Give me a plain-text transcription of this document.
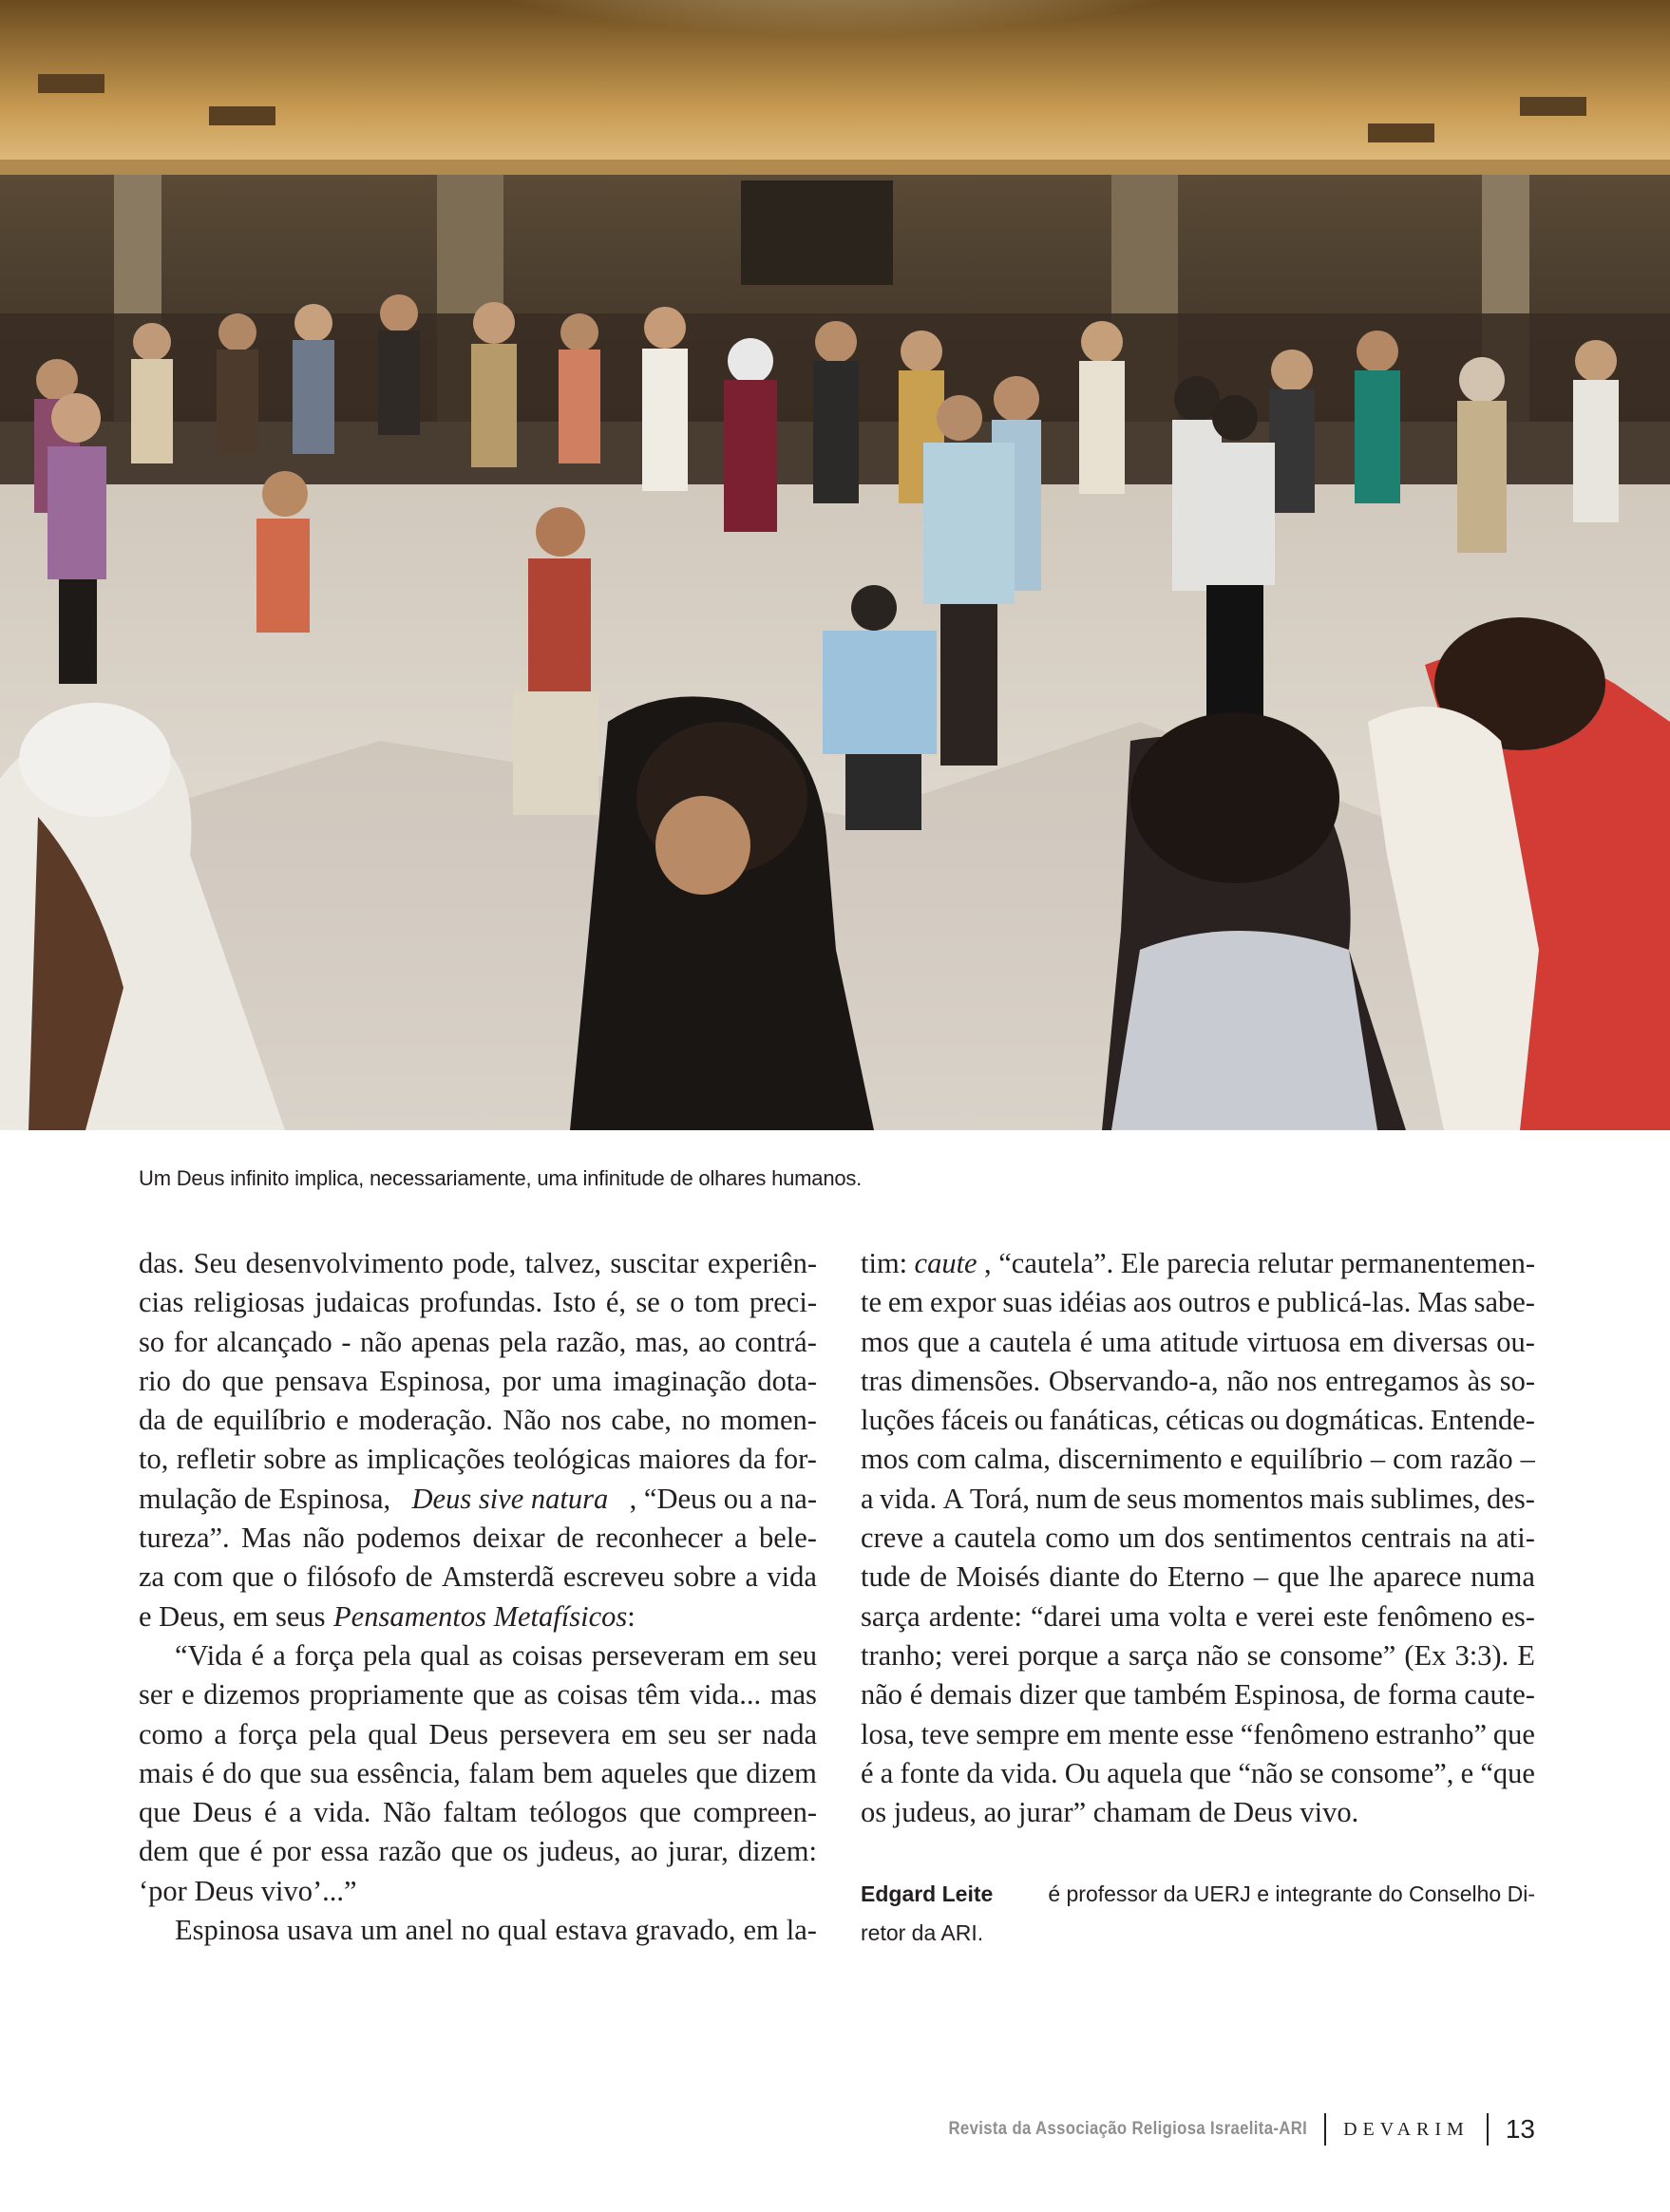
Um Deus infinito implica, necessariamente, uma infinitude de olhares humanos.
das. Seu desenvolvimento pode, talvez, suscitar experiên-
cias religiosas judaicas profundas. Isto é, se o tom preci-
so for alcançado - não apenas pela razão, mas, ao contrá-
rio do que pensava Espinosa, por uma imaginação dota-
da de equilíbrio e moderação. Não nos cabe, no momen-
to, refletir sobre as implicações teológicas maiores da for-
mulação de Espinosa, Deus sive natura , “Deus ou a na-
tureza”. Mas não podemos deixar de reconhecer a bele-
za com que o filósofo de Amsterdã escreveu sobre a vida
e Deus, em seus Pensamentos Metafísicos :
“Vida é a força pela qual as coisas perseveram em seu
ser e dizemos propriamente que as coisas têm vida... mas
como a força pela qual Deus persevera em seu ser nada
mais é do que sua essência, falam bem aqueles que dizem
que Deus é a vida. Não faltam teólogos que compreen-
dem que é por essa razão que os judeus, ao jurar, dizem:
‘por Deus vivo’...”
Espinosa usava um anel no qual estava gravado, em la-
tim: caute , “cautela”. Ele parecia relutar permanentemen-
te em expor suas idéias aos outros e publicá-las. Mas sabe-
mos que a cautela é uma atitude virtuosa em diversas ou-
tras dimensões. Observando-a, não nos entregamos às so-
luções fáceis ou fanáticas, céticas ou dogmáticas. Entende-
mos com calma, discernimento e equilíbrio – com razão –
a vida. A Torá, num de seus momentos mais sublimes, des-
creve a cautela como um dos sentimentos centrais na ati-
tude de Moisés diante do Eterno – que lhe aparece numa
sarça ardente: “darei uma volta e verei este fenômeno es-
tranho; verei porque a sarça não se consome” (Ex 3:3). E
não é demais dizer que também Espinosa, de forma caute-
losa, teve sempre em mente esse “fenômeno estranho” que
é a fonte da vida. Ou aquela que “não se consome”, e “que
os judeus, ao jurar” chamam de Deus vivo.
Edgard Leite é professor da UERJ e integrante do Conselho Di-
retor da ARI.
Revista da Associação Religiosa Israelita-ARI DEVARIM 13
